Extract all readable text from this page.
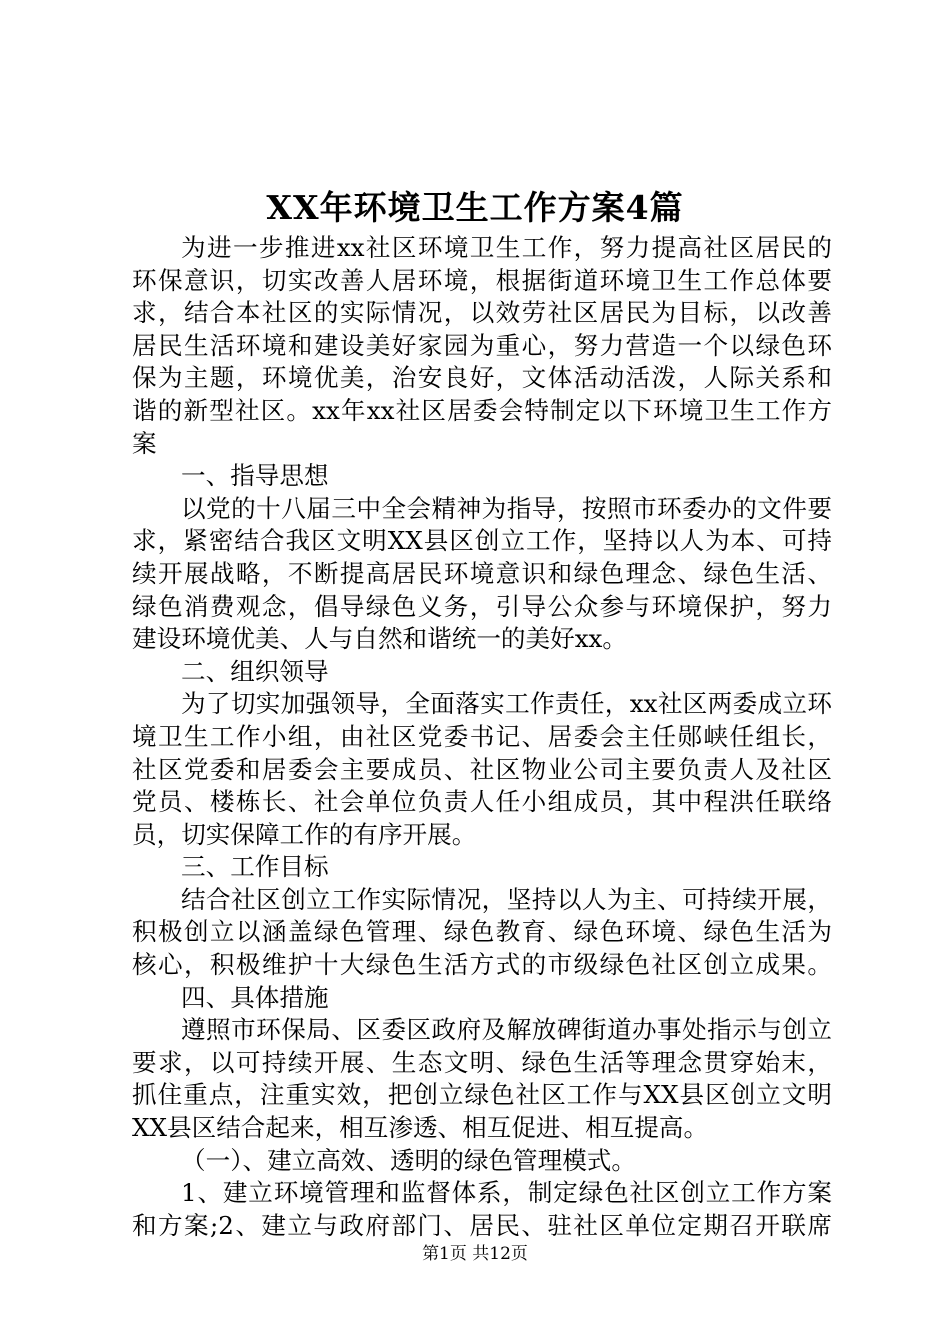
XX年环境卫生工作方案4篇
为进一步推进xx社区环境卫生工作，努力提高社区居民的
环保意识，切实改善人居环境，根据街道环境卫生工作总体要
求，结合本社区的实际情况，以效劳社区居民为目标，以改善
居民生活环境和建设美好家园为重心，努力营造一个以绿色环
保为主题，环境优美，治安良好，文体活动活泼，人际关系和
谐的新型社区。xx年xx社区居委会特制定以下环境卫生工作方
案
一、指导思想
以党的十八届三中全会精神为指导，按照市环委办的文件要
求，紧密结合我区文明XX县区创立工作，坚持以人为本、可持
续开展战略，不断提高居民环境意识和绿色理念、绿色生活、
绿色消费观念，倡导绿色义务，引导公众参与环境保护，努力
建设环境优美、人与自然和谐统一的美好xx。
二、组织领导
为了切实加强领导，全面落实工作责任，xx社区两委成立环
境卫生工作小组，由社区党委书记、居委会主任郧峡任组长，
社区党委和居委会主要成员、社区物业公司主要负责人及社区
党员、楼栋长、社会单位负责人任小组成员，其中程洪任联络
员，切实保障工作的有序开展。
三、工作目标
结合社区创立工作实际情况，坚持以人为主、可持续开展，
积极创立以涵盖绿色管理、绿色教育、绿色环境、绿色生活为
核心，积极维护十大绿色生活方式的市级绿色社区创立成果。
四、具体措施
遵照市环保局、区委区政府及解放碑街道办事处指示与创立
要求，以可持续开展、生态文明、绿色生活等理念贯穿始末，
抓住重点，注重实效，把创立绿色社区工作与XX县区创立文明
XX县区结合起来，相互渗透、相互促进、相互提高。
（一）、建立高效、透明的绿色管理模式。
1、建立环境管理和监督体系，制定绿色社区创立工作方案
和方案;2、建立与政府部门、居民、驻社区单位定期召开联席
第1页 共12页
